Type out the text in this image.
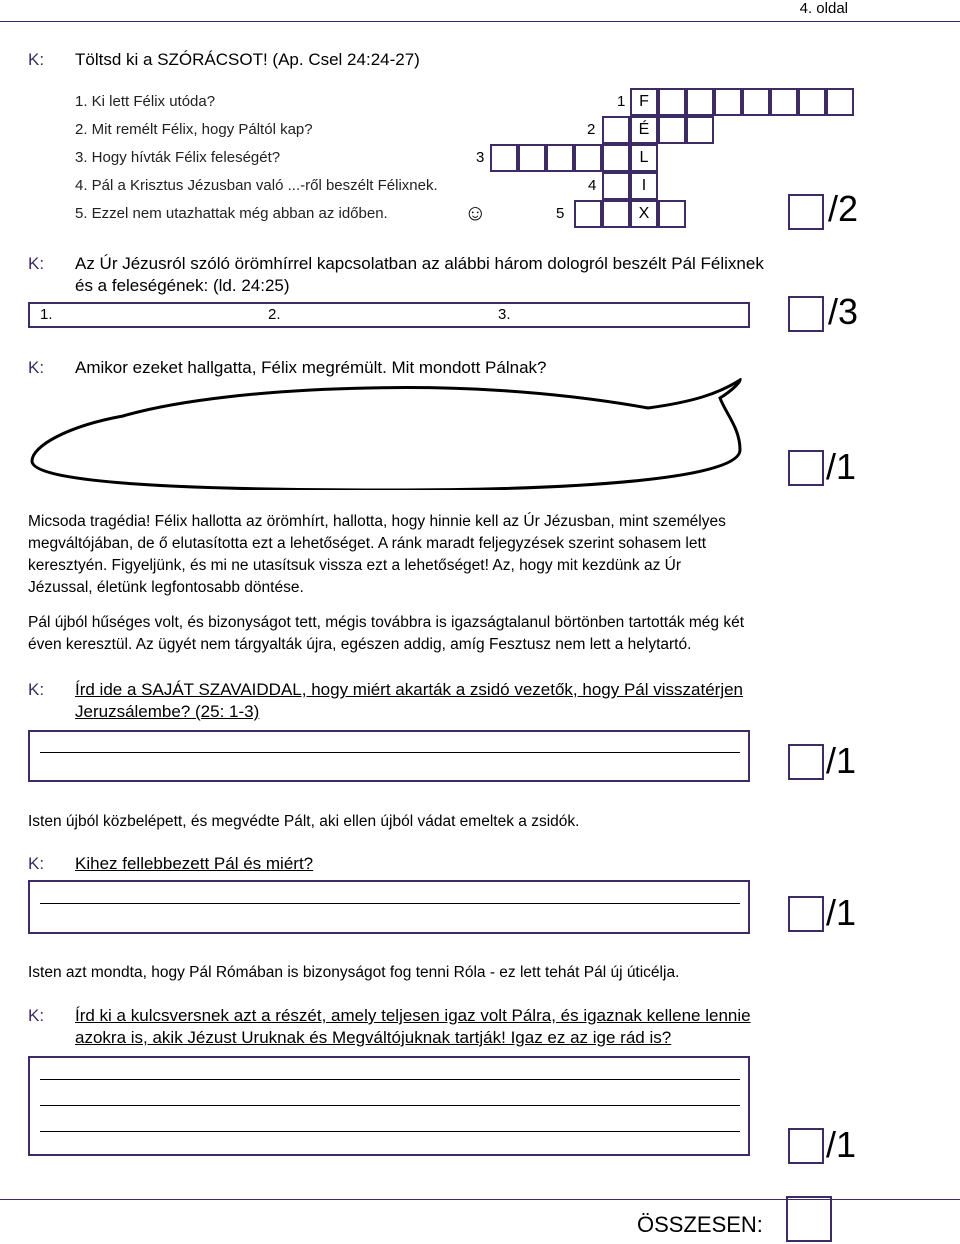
4. oldal
K: Töltsd ki a SZÓRÁCSOT! (Ap. Csel 24:24-27)
1. Ki lett Félix utóda?
2. Mit remélt Félix, hogy Páltól kap?
3. Hogy hívták Félix feleségét?
4. Pál a Krisztus Jézusban való ...-ről beszélt Félixnek.
5. Ezzel nem utazhattak még abban az időben.	☺
1
2
3
4
5
F
É
L
I
X	/2
K: Az Úr Jézusról szóló örömhírrel kapcsolatban az alábbi három dologról beszélt Pál Félixnek
és a feleségének: (ld. 24:25)
1.	2.	3.	/3
K: Amikor ezeket hallgatta, Félix megrémült. Mit mondott Pálnak?
/1
Micsoda tragédia! Félix hallotta az örömhírt, hallotta, hogy hinnie kell az Úr Jézusban, mint személyes
megváltójában, de ő elutasította ezt a lehetőséget. A ránk maradt feljegyzések szerint sohasem lett
keresztyén. Figyeljünk, és mi ne utasítsuk vissza ezt a lehetőséget! Az, hogy mit kezdünk az Úr
Jézussal, életünk legfontosabb döntése.
Pál újból hűséges volt, és bizonyságot tett, mégis továbbra is igazságtalanul börtönben tartották még két
éven keresztül. Az ügyét nem tárgyalták újra, egészen addig, amíg Fesztusz nem lett a helytartó.
K: Írd ide a SAJÁT SZAVAIDDAL, hogy miért akarták a zsidó vezetők, hogy Pál visszatérjen
Jeruzsálembe? (25: 1-3)
/1
Isten újból közbelépett, és megvédte Pált, aki ellen újból vádat emeltek a zsidók.
K: Kihez fellebbezett Pál és miért?
/1
Isten azt mondta, hogy Pál Rómában is bizonyságot fog tenni Róla - ez lett tehát Pál új úticélja.
K: Írd ki a kulcsversnek azt a részét, amely teljesen igaz volt Pálra, és igaznak kellene lennie
azokra is, akik Jézust Uruknak és Megváltójuknak tartják! Igaz ez az ige rád is?
/1
ÖSSZESEN:
